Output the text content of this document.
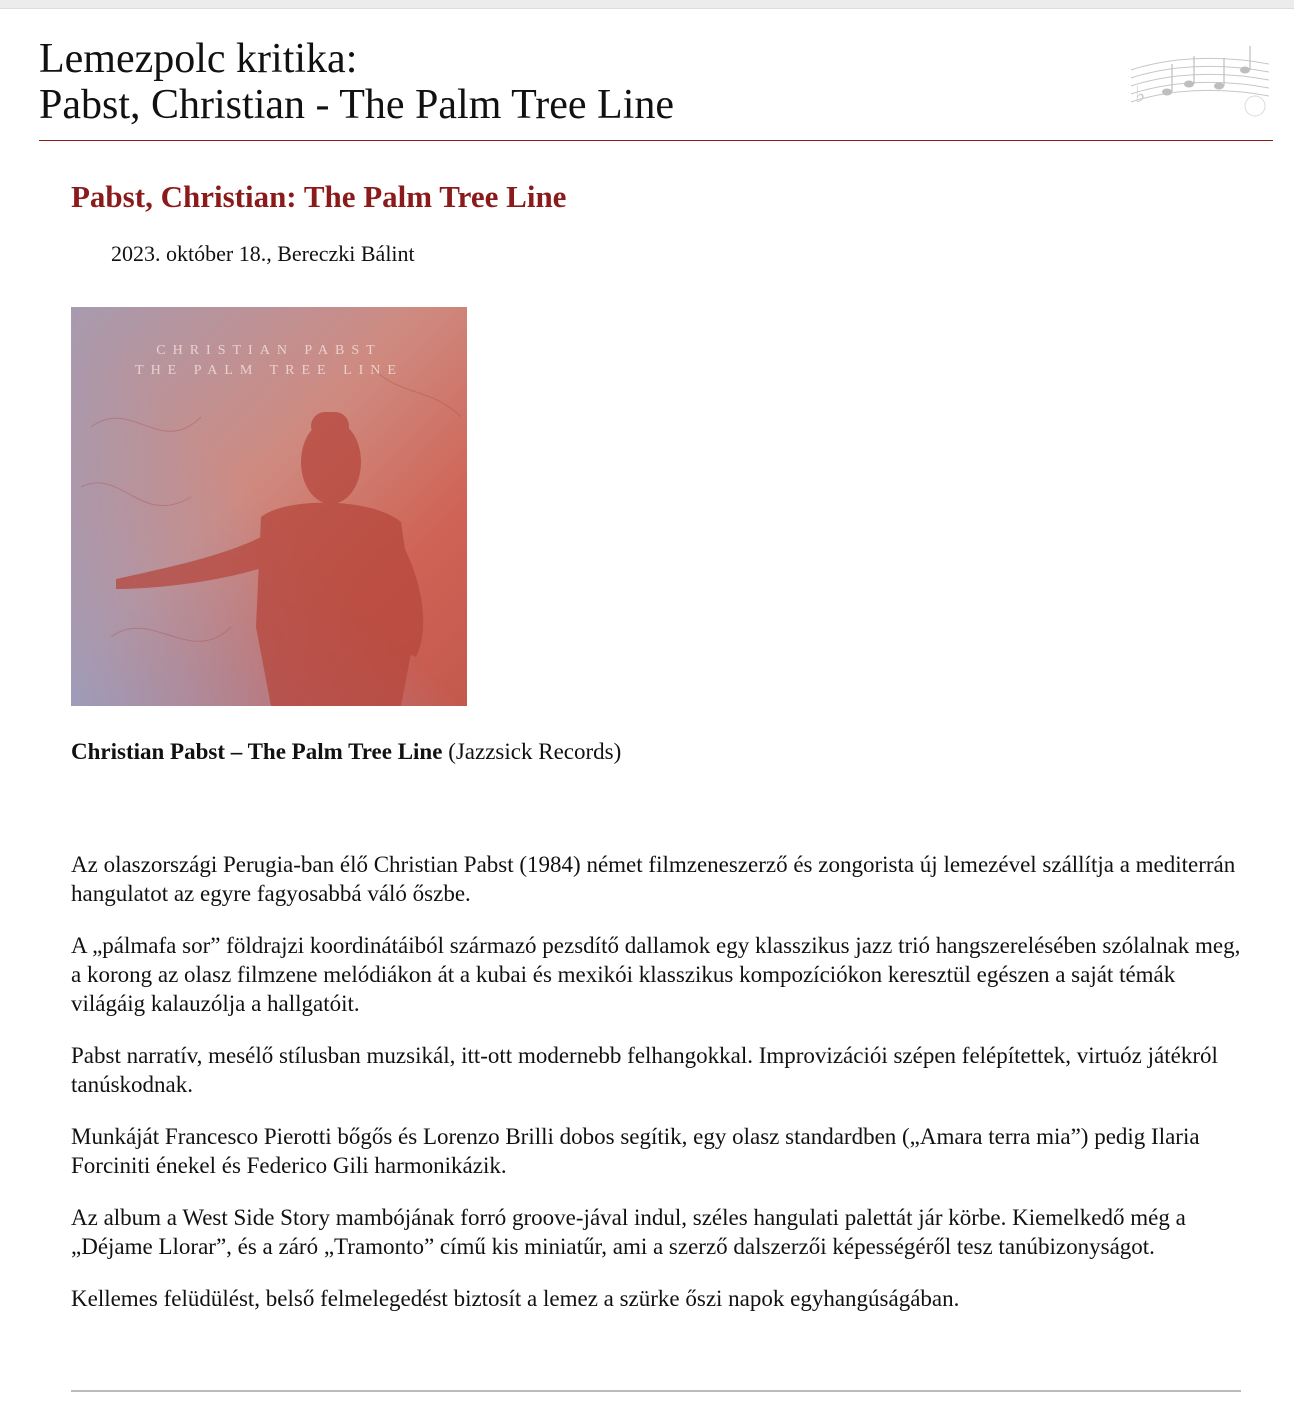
Lemezpolc kritika:
Pabst, Christian - The Palm Tree Line	♭
Pabst, Christian: The Palm Tree Line
2023. október 18., Bereczki Bálint
CHRISTIAN PABST
THE PALM TREE LINE
Christian Pabst – The Palm Tree Line (Jazzsick Records)

Az olaszországi Perugia-ban élő Christian Pabst (1984) német filmzeneszerző és zongorista új lemezével szállítja a mediterrán hangulatot az egyre fagyosabbá váló őszbe.

A „pálmafa sor” földrajzi koordinátáiból származó pezsdítő dallamok egy klasszikus jazz trió hangszerelésében szólalnak meg, a korong az olasz filmzene melódiákon át a kubai és mexikói klasszikus kompozíciókon keresztül egészen a saját témák világáig kalauzólja a hallgatóit.

Pabst narratív, mesélő stílusban muzsikál, itt-ott modernebb felhangokkal. Improvizációi szépen felépítettek, virtuóz játékról tanúskodnak.

Munkáját Francesco Pierotti bőgős és Lorenzo Brilli dobos segítik, egy olasz standardben („Amara terra mia”) pedig Ilaria Forciniti énekel és Federico Gili harmonikázik.

Az album a West Side Story mambójának forró groove-jával indul, széles hangulati palettát jár körbe. Kiemelkedő még a „Déjame Llorar”, és a záró „Tramonto” című kis miniatűr, ami a szerző dalszerzői képességéről tesz tanúbizonyságot.

Kellemes felüdülést, belső felmelegedést biztosít a lemez a szürke őszi napok egyhangúságában.
